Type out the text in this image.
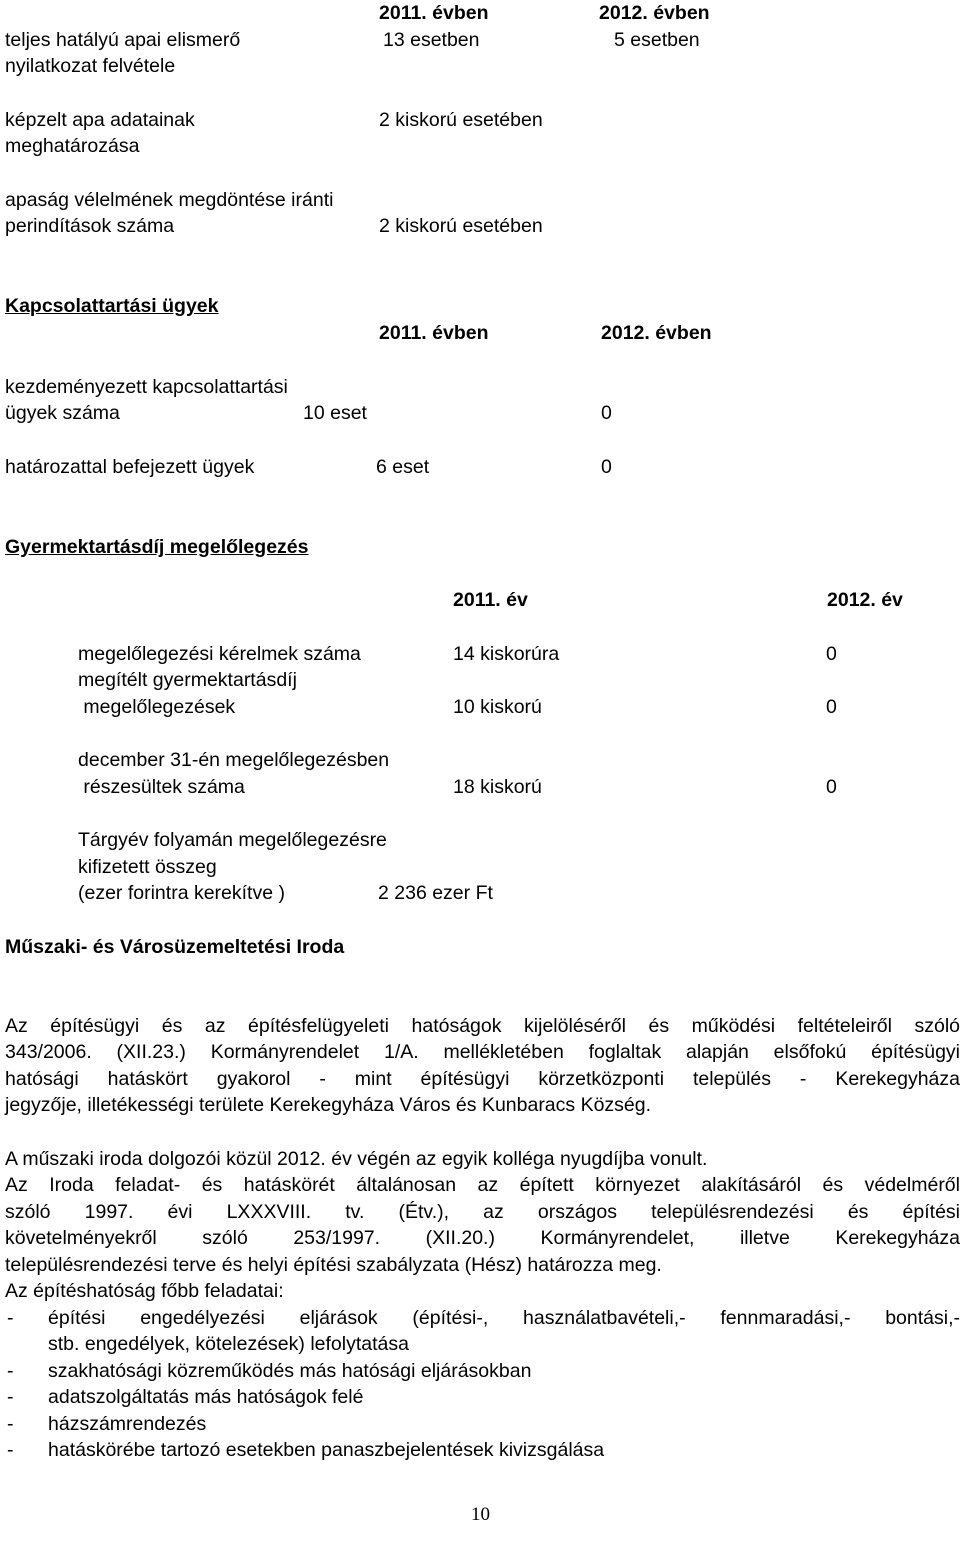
2011. évben	2012. évben
teljes hatályú apai elismerő
nyilatkozat felvétele
13 esetben	5 esetben
képzelt apa adatainak
meghatározása
2 kiskorú esetében
apaság vélelmének megdöntése iránti
perindítások száma	2 kiskorú esetében
Kapcsolattartási ügyek
2011. évben	2012. évben
kezdeményezett kapcsolattartási
ügyek száma	10 eset	0
határozattal befejezett ügyek	6 eset	0
Gyermektartásdíj megelőlegezés
2011. év	2012. év
megelőlegezési kérelmek száma	14 kiskorúra	0
megítélt gyermektartásdíj
megelőlegezések	10 kiskorú	0
december 31-én megelőlegezésben
részesültek száma	18 kiskorú	0
Tárgyév folyamán megelőlegezésre
kifizetett összeg
(ezer forintra kerekítve )	2 236 ezer Ft
Műszaki- és Városüzemeltetési Iroda
Az építésügyi és az építésfelügyeleti hatóságok kijelöléséről és működési feltételeiről szóló
343/2006. (XII.23.) Kormányrendelet 1/A. mellékletében foglaltak alapján elsőfokú építésügyi
hatósági hatáskört gyakorol - mint építésügyi körzetközponti település - Kerekegyháza
jegyzője, illetékességi területe Kerekegyháza Város és Kunbaracs Község.
A műszaki iroda dolgozói közül 2012. év végén az egyik kolléga nyugdíjba vonult.
Az Iroda feladat- és hatáskörét általánosan az épített környezet alakításáról és védelméről
szóló 1997. évi LXXXVIII. tv. (Étv.), az országos településrendezési és építési
követelményekről szóló 253/1997. (XII.20.) Kormányrendelet, illetve Kerekegyháza
településrendezési terve és helyi építési szabályzata (Hész) határozza meg.
Az építéshatóság főbb feladatai:
- építési engedélyezési eljárások (építési-, használatbavételi,- fennmaradási,- bontási,-
stb. engedélyek, kötelezések) lefolytatása
- szakhatósági közreműködés más hatósági eljárásokban
- adatszolgáltatás más hatóságok felé
- házszámrendezés
- hatáskörébe tartozó esetekben panaszbejelentések kivizsgálása
10
